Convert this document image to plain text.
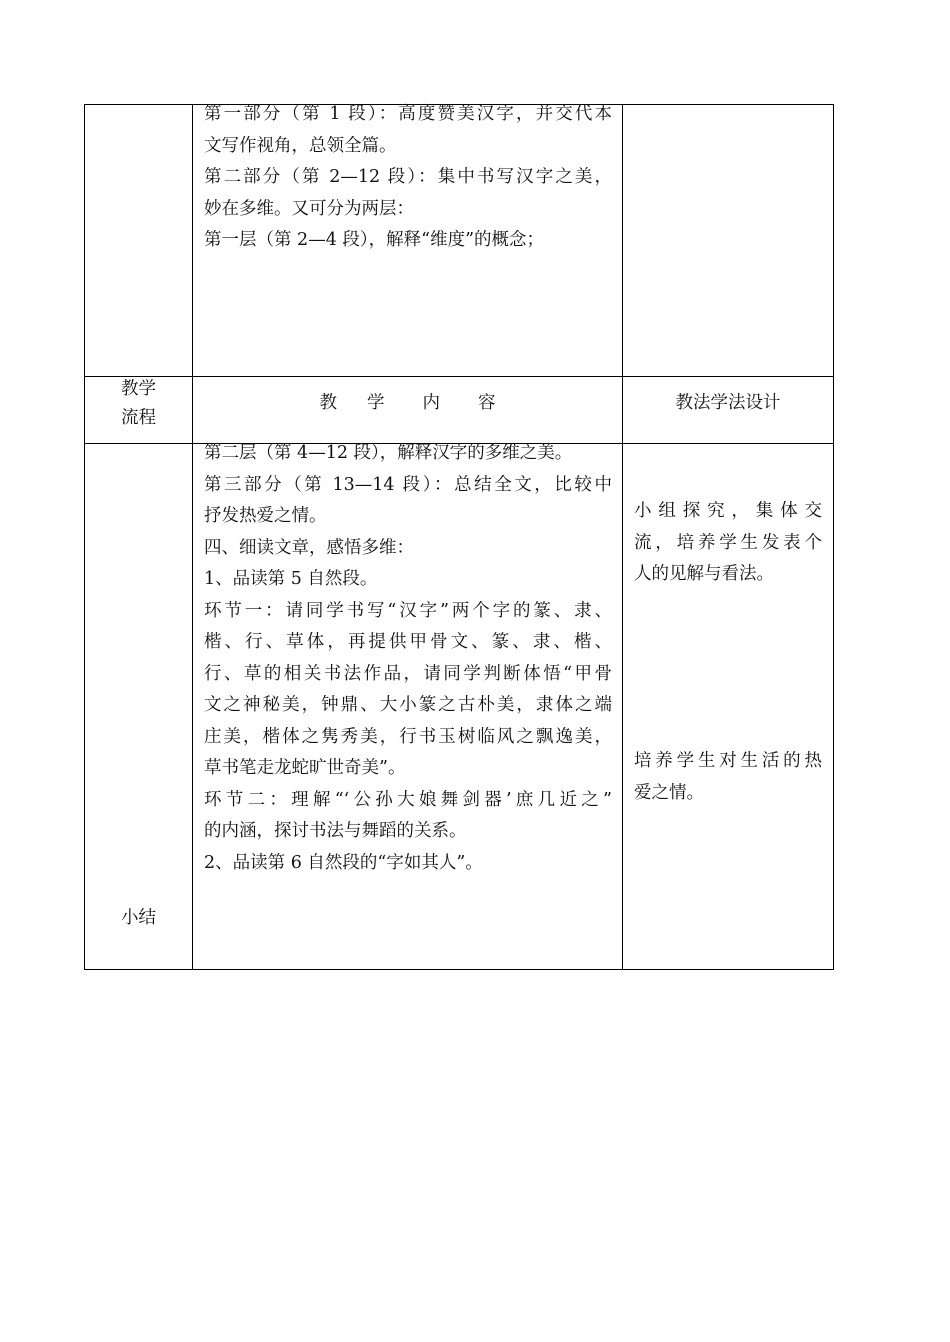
第一部分（第 1 段）：高度赞美汉字，并交代本
文写作视角，总领全篇。
第二部分（第 2—12 段）：集中书写汉字之美，
妙在多维。又可分为两层：
第一层（第 2—4 段），解释“维度”的概念；
教学
流程
教 学 内 容	教法学法设计
小结
第二层（第 4—12 段），解释汉字的多维之美。
第三部分（第 13—14 段）：总结全文，比较中
抒发热爱之情。
四、细读文章，感悟多维：
1、品读第 5 自然段。
环节一：请同学书写“汉字”两个字的篆、隶、
楷、行、草体，再提供甲骨文、篆、隶、楷、
行、草的相关书法作品，请同学判断体悟“甲骨
文之神秘美，钟鼎、大小篆之古朴美，隶体之端
庄美，楷体之隽秀美，行书玉树临风之飘逸美，
草书笔走龙蛇旷世奇美”。
环节二：理解“‘公孙大娘舞剑器’庶几近之”
的内涵，探讨书法与舞蹈的关系。
2、品读第 6 自然段的“字如其人”。
小组探究，集体交
流，培养学生发表个
人的见解与看法。
培养学生对生活的热
爱之情。
